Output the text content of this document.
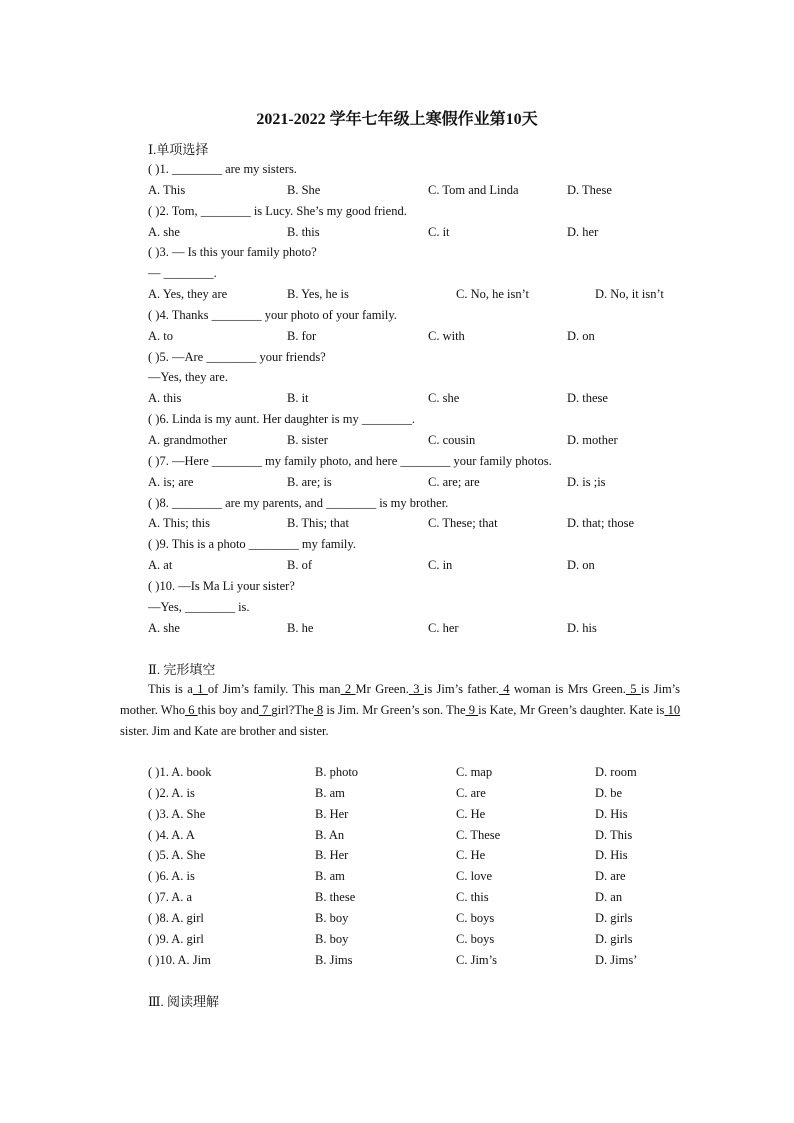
2021-2022 学年七年级上寒假作业第10天
Ⅰ.单项选择
( )1. ________ are my sisters.
A. This	B. She	C. Tom and Linda	D. These
( )2. Tom, ________ is Lucy. She’s my good friend.
A. she	B. this	C. it	D. her
( )3. — Is this your family photo?
— ________.
A. Yes, they are	B. Yes, he is	C. No, he isn’t	D. No, it isn’t
( )4. Thanks ________ your photo of your family.
A. to	B. for	C. with	D. on
( )5. —Are ________ your friends?
—Yes, they are.
A. this	B. it	C. she	D. these
( )6. Linda is my aunt. Her daughter is my ________.
A. grandmother	B. sister	C. cousin	D. mother
( )7. —Here ________ my family photo, and here ________ your family photos.
A. is; are	B. are; is	C. are; are	D. is ;is
( )8. ________ are my parents, and ________ is my brother.
A. This; this	B. This; that	C. These; that	D. that; those
( )9. This is a photo ________ my family.
A. at	B. of	C. in	D. on
( )10. —Is Ma Li your sister?
—Yes, ________ is.
A. she	B. he	C. her	D. his
Ⅱ. 完形填空
This is a 1 of Jim’s family. This man 2 Mr Green. 3 is Jim’s father. 4 woman is Mrs Green. 5 is Jim’s mother. Who 6 this boy and 7 girl?The 8 is Jim. Mr Green’s son. The 9 is Kate, Mr Green’s daughter. Kate is 10 sister. Jim and Kate are brother and sister.
( )1. A. book	B. photo	C. map	D. room
( )2. A. is	B. am	C. are	D. be
( )3. A. She	B. Her	C. He	D. His
( )4. A. A	B. An	C. These	D. This
( )5. A. She	B. Her	C. He	D. His
( )6. A. is	B. am	C. love	D. are
( )7. A. a	B. these	C. this	D. an
( )8. A. girl	B. boy	C. boys	D. girls
( )9. A. girl	B. boy	C. boys	D. girls
( )10. A. Jim	B. Jims	C. Jim’s	D. Jims’
Ⅲ. 阅读理解
